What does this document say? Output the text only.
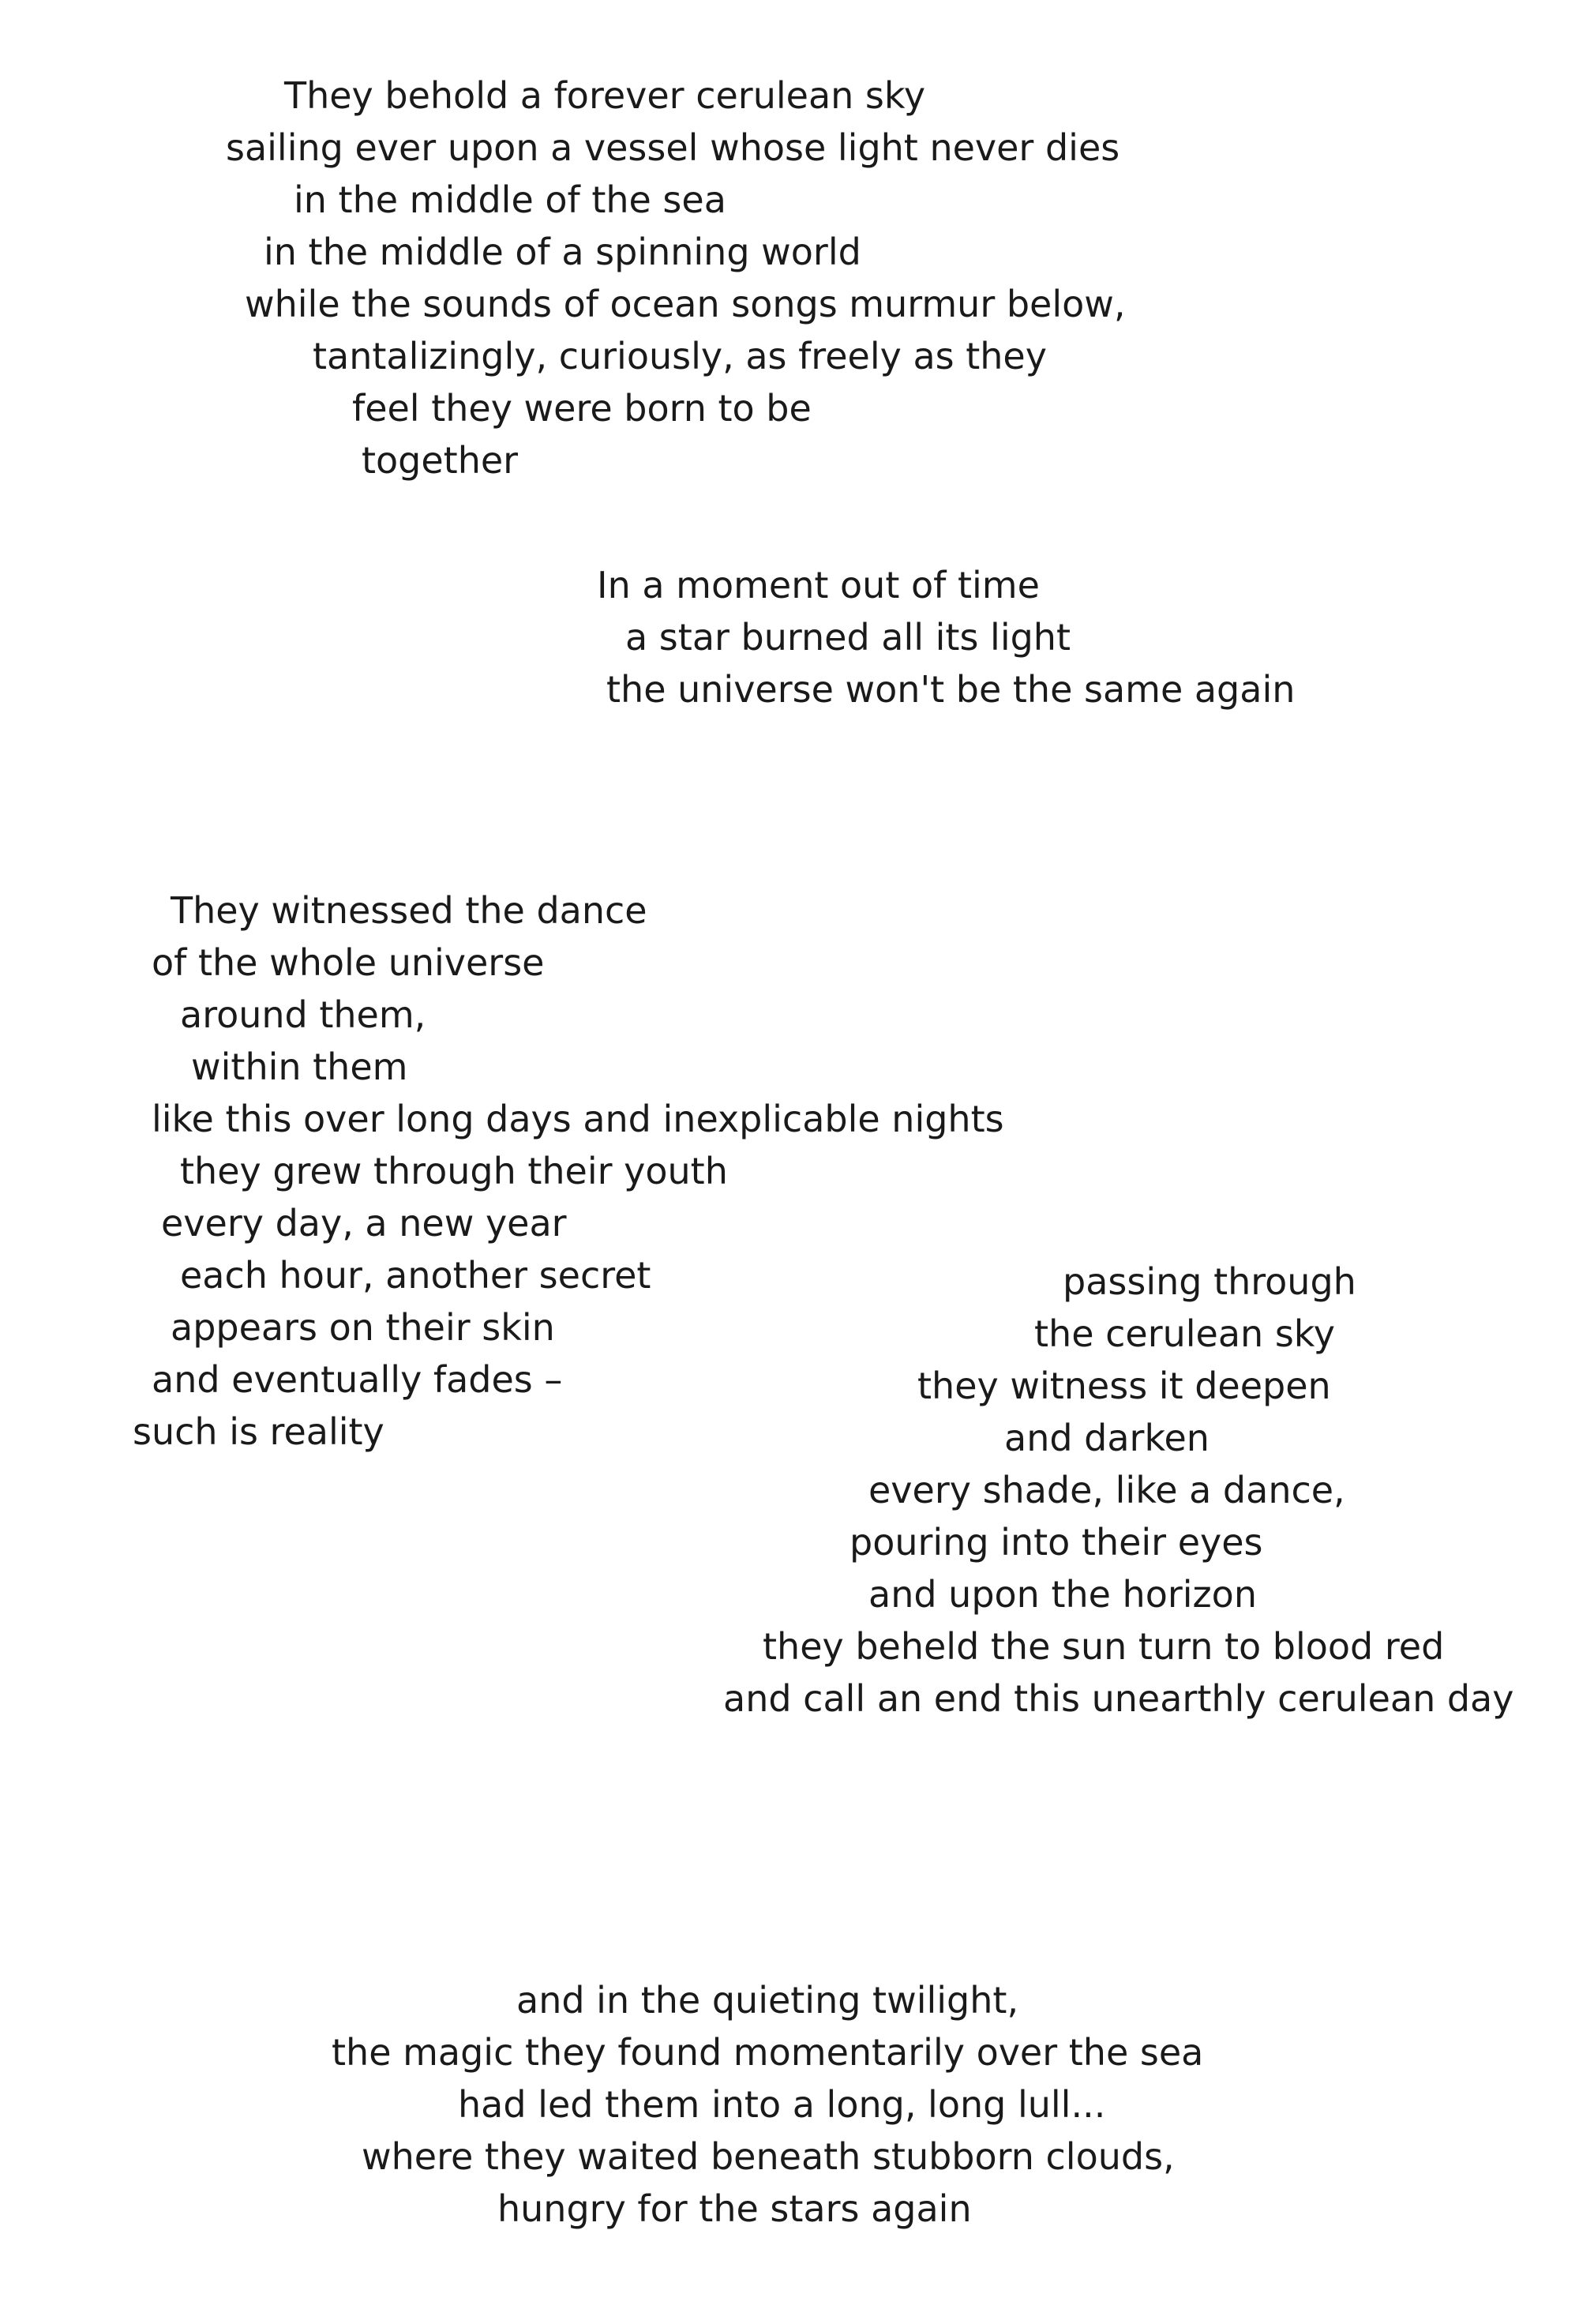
They behold a forever cerulean sky
sailing ever upon a vessel whose light never dies
in the middle of the sea
in the middle of a spinning world
while the sounds of ocean songs murmur below,
tantalizingly, curiously, as freely as they
feel they were born to be
together
In a moment out of time
a star burned all its light
the universe won't be the same again
They witnessed the dance
of the whole universe
around them,
within them
like this over long days and inexplicable nights
they grew through their youth
every day, a new year
each hour, another secret
appears on their skin
and eventually fades –
such is reality
passing through
the cerulean sky
they witness it deepen
and darken
every shade, like a dance,
pouring into their eyes
and upon the horizon
they beheld the sun turn to blood red
and call an end this unearthly cerulean day
and in the quieting twilight,
the magic they found momentarily over the sea
had led them into a long, long lull...
where they waited beneath stubborn clouds,
hungry for the stars again
